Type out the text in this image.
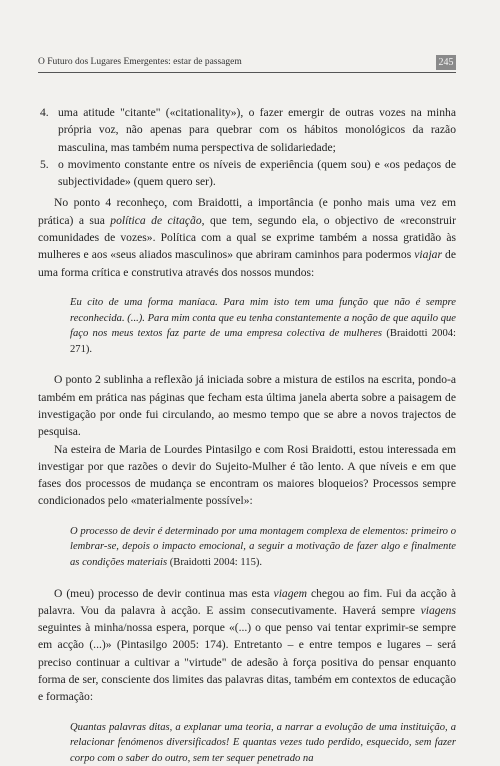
O Futuro dos Lugares Emergentes: estar de passagem	245
4. uma atitude "citante" («citationality»), o fazer emergir de outras vozes na minha própria voz, não apenas para quebrar com os hábitos monológicos da razão masculina, mas também numa perspectiva de solidariedade;
5. o movimento constante entre os níveis de experiência (quem sou) e «os pedaços de subjectividade» (quem quero ser).

No ponto 4 reconheço, com Braidotti, a importância (e ponho mais uma vez em prática) a sua política de citação, que tem, segundo ela, o objectivo de «reconstruir comunidades de vozes». Política com a qual se exprime também a nossa gratidão às mulheres e aos «seus aliados masculinos» que abriram caminhos para podermos viajar de uma forma crítica e construtiva através dos nossos mundos:

Eu cito de uma forma maníaca. Para mim isto tem uma função que não é sempre reconhecida. (...). Para mim conta que eu tenha constantemente a noção de que aquilo que faço nos meus textos faz parte de uma empresa colectiva de mulheres (Braidotti 2004: 271).

O ponto 2 sublinha a reflexão já iniciada sobre a mistura de estilos na escrita, pondo-a também em prática nas páginas que fecham esta última janela aberta sobre a paisagem de investigação por onde fui circulando, ao mesmo tempo que se abre a novos trajectos de pesquisa.

Na esteira de Maria de Lourdes Pintasilgo e com Rosi Braidotti, estou interessada em investigar por que razões o devir do Sujeito-Mulher é tão lento. A que níveis e em que fases dos processos de mudança se encontram os maiores bloqueios? Processos sempre condicionados pelo «materialmente possível»:

O processo de devir é determinado por uma montagem complexa de elementos: primeiro o lembrar-se, depois o impacto emocional, a seguir a motivação de fazer algo e finalmente as condições materiais (Braidotti 2004: 115).

O (meu) processo de devir continua mas esta viagem chegou ao fim. Fui da acção à palavra. Vou da palavra à acção. E assim consecutivamente. Haverá sempre viagens seguintes à minha/nossa espera, porque «(...) o que penso vai tentar exprimir-se sempre em acção (...)» (Pintasilgo 2005: 174). Entretanto – e entre tempos e lugares – será preciso continuar a cultivar a "virtude" de adesão à força positiva do pensar enquanto forma de ser, consciente dos limites das palavras ditas, também em contextos de educação e formação:

Quantas palavras ditas, a explanar uma teoria, a narrar a evolução de uma instituição, a relacionar fenómenos diversificados! E quantas vezes tudo perdido, esquecido, sem fazer corpo com o saber do outro, sem ter sequer penetrado na
